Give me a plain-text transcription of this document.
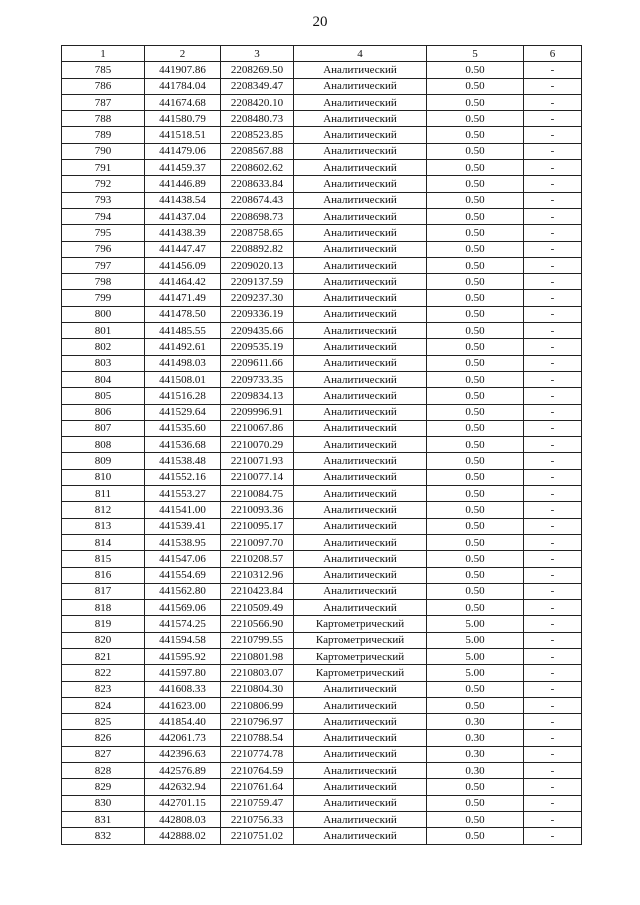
20
1	2	3	4	5	6
785	441907.86	2208269.50	Аналитический	0.50	-
786	441784.04	2208349.47	Аналитический	0.50	-
787	441674.68	2208420.10	Аналитический	0.50	-
788	441580.79	2208480.73	Аналитический	0.50	-
789	441518.51	2208523.85	Аналитический	0.50	-
790	441479.06	2208567.88	Аналитический	0.50	-
791	441459.37	2208602.62	Аналитический	0.50	-
792	441446.89	2208633.84	Аналитический	0.50	-
793	441438.54	2208674.43	Аналитический	0.50	-
794	441437.04	2208698.73	Аналитический	0.50	-
795	441438.39	2208758.65	Аналитический	0.50	-
796	441447.47	2208892.82	Аналитический	0.50	-
797	441456.09	2209020.13	Аналитический	0.50	-
798	441464.42	2209137.59	Аналитический	0.50	-
799	441471.49	2209237.30	Аналитический	0.50	-
800	441478.50	2209336.19	Аналитический	0.50	-
801	441485.55	2209435.66	Аналитический	0.50	-
802	441492.61	2209535.19	Аналитический	0.50	-
803	441498.03	2209611.66	Аналитический	0.50	-
804	441508.01	2209733.35	Аналитический	0.50	-
805	441516.28	2209834.13	Аналитический	0.50	-
806	441529.64	2209996.91	Аналитический	0.50	-
807	441535.60	2210067.86	Аналитический	0.50	-
808	441536.68	2210070.29	Аналитический	0.50	-
809	441538.48	2210071.93	Аналитический	0.50	-
810	441552.16	2210077.14	Аналитический	0.50	-
811	441553.27	2210084.75	Аналитический	0.50	-
812	441541.00	2210093.36	Аналитический	0.50	-
813	441539.41	2210095.17	Аналитический	0.50	-
814	441538.95	2210097.70	Аналитический	0.50	-
815	441547.06	2210208.57	Аналитический	0.50	-
816	441554.69	2210312.96	Аналитический	0.50	-
817	441562.80	2210423.84	Аналитический	0.50	-
818	441569.06	2210509.49	Аналитический	0.50	-
819	441574.25	2210566.90	Картометрический	5.00	-
820	441594.58	2210799.55	Картометрический	5.00	-
821	441595.92	2210801.98	Картометрический	5.00	-
822	441597.80	2210803.07	Картометрический	5.00	-
823	441608.33	2210804.30	Аналитический	0.50	-
824	441623.00	2210806.99	Аналитический	0.50	-
825	441854.40	2210796.97	Аналитический	0.30	-
826	442061.73	2210788.54	Аналитический	0.30	-
827	442396.63	2210774.78	Аналитический	0.30	-
828	442576.89	2210764.59	Аналитический	0.30	-
829	442632.94	2210761.64	Аналитический	0.50	-
830	442701.15	2210759.47	Аналитический	0.50	-
831	442808.03	2210756.33	Аналитический	0.50	-
832	442888.02	2210751.02	Аналитический	0.50	-
